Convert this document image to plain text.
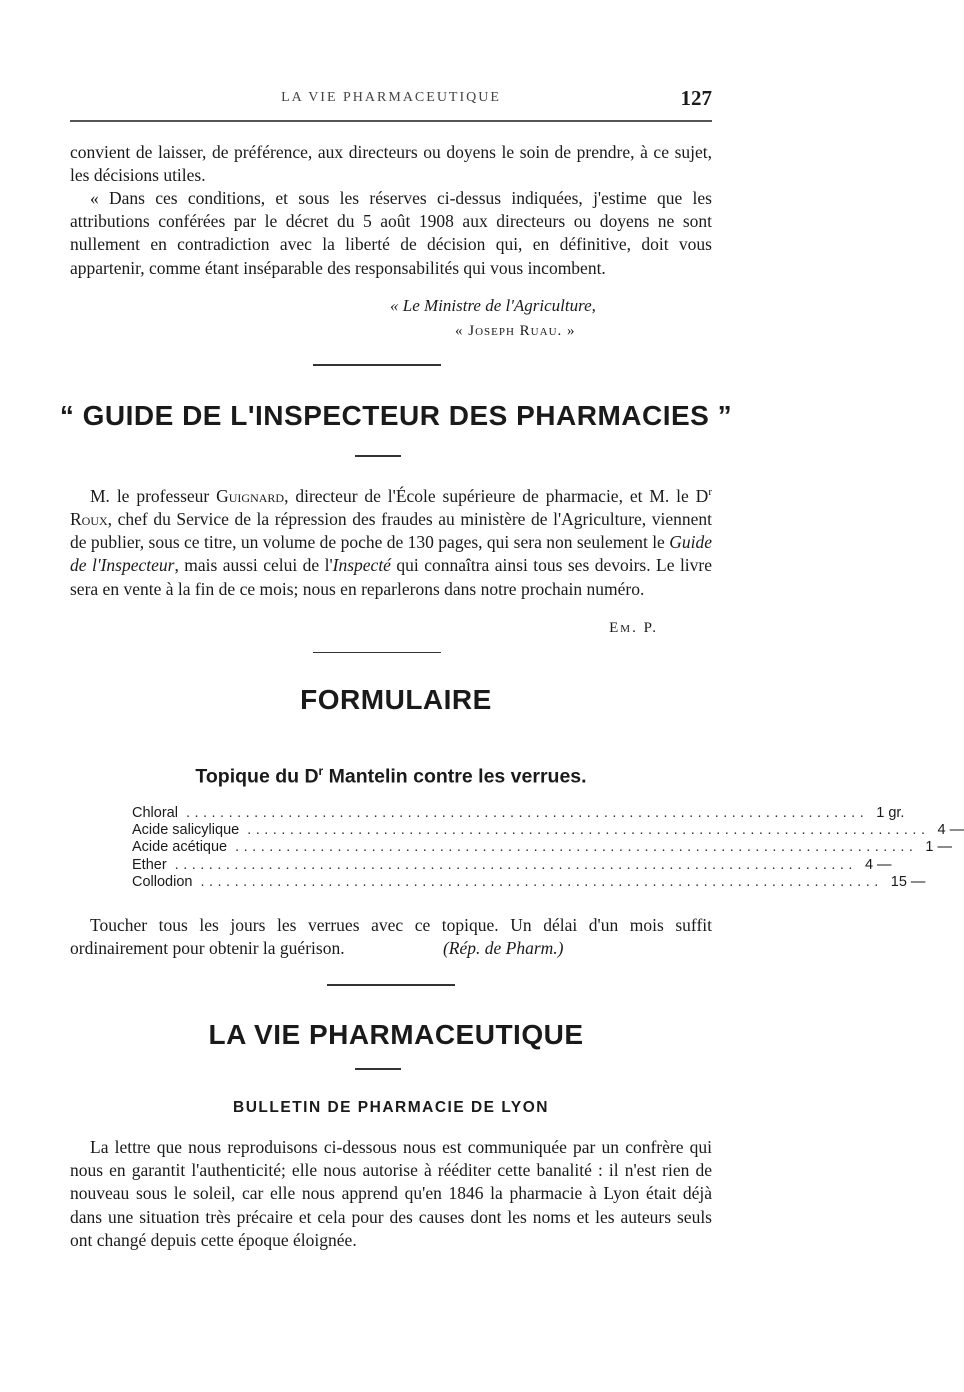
LA VIE PHARMACEUTIQUE	127

convient de laisser, de préférence, aux directeurs ou doyens le soin de prendre, à ce sujet, les décisions utiles.

« Dans ces conditions, et sous les réserves ci-dessus indiquées, j'estime que les attributions conférées par le décret du 5 août 1908 aux directeurs ou doyens ne sont nullement en contradiction avec la liberté de décision qui, en définitive, doit vous appartenir, comme étant inséparable des responsabilités qui vous incombent.

« Le Ministre de l'Agriculture,
« Joseph Ruau. »
“ GUIDE DE L'INSPECTEUR DES PHARMACIES ”

M. le professeur Guignard, directeur de l'École supérieure de pharmacie, et M. le $D^r$ Roux, chef du Service de la répression des fraudes au ministère de l'Agriculture, viennent de publier, sous ce titre, un volume de poche de 130 pages, qui sera non seulement le Guide de l'Inspecteur, mais aussi celui de l'Inspecté qui connaîtra ainsi tous ses devoirs. Le livre sera en vente à la fin de ce mois; nous en reparlerons dans notre prochain numéro.

Em. P.
FORMULAIRE
Topique du $D^r$ Mantelin contre les verrues.
Chloral ................................................................................ 1 gr.
Acide salicylique ................................................................................ 4 —
Acide acétique ................................................................................ 1 —
Ether ................................................................................ 4 —
Collodion ................................................................................ 15 —

Toucher tous les jours les verrues avec ce topique. Un délai d'un mois suffit ordinairement pour obtenir la guérison.	(Rép. de Pharm.)

LA VIE PHARMACEUTIQUE
BULLETIN DE PHARMACIE DE LYON

La lettre que nous reproduisons ci-dessous nous est communiquée par un confrère qui nous en garantit l'authenticité; elle nous autorise à rééditer cette banalité : il n'est rien de nouveau sous le soleil, car elle nous apprend qu'en 1846 la pharmacie à Lyon était déjà dans une situation très précaire et cela pour des causes dont les noms et les auteurs seuls ont changé depuis cette époque éloignée.
